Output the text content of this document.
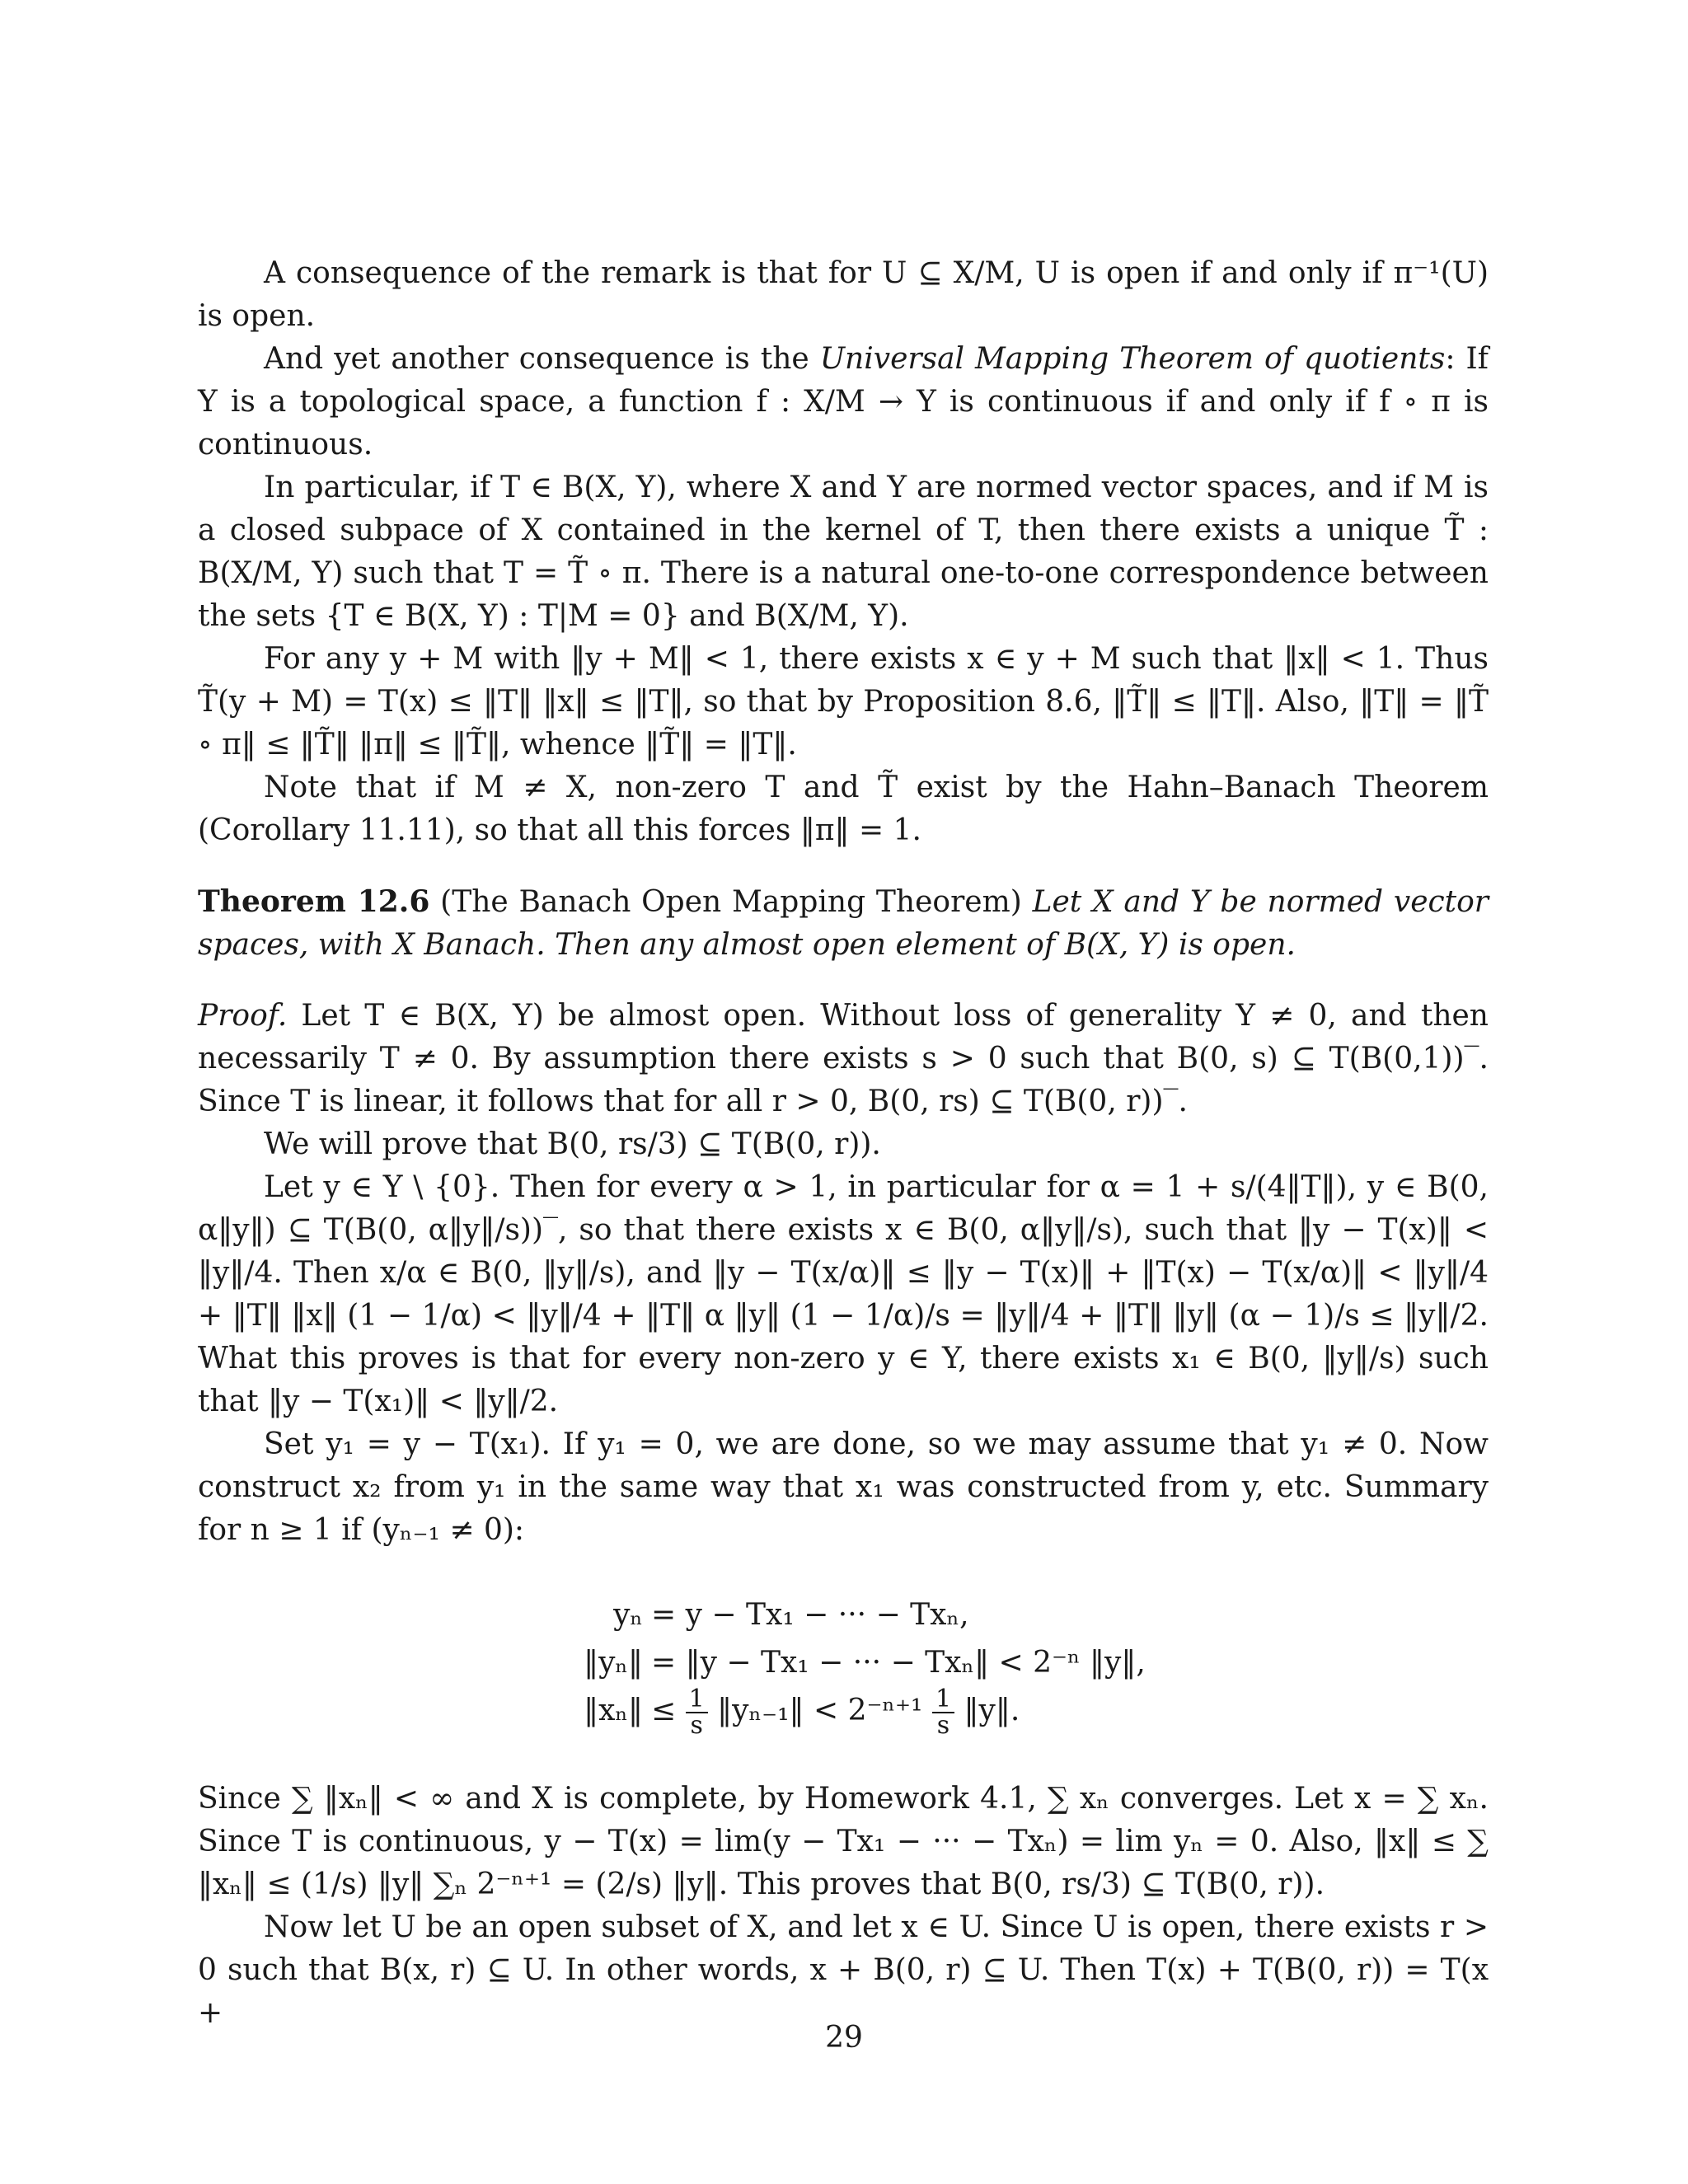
A consequence of the remark is that for U ⊆ X/M, U is open if and only if π⁻¹(U) is open.

And yet another consequence is the Universal Mapping Theorem of quotients: If Y is a topological space, a function f : X/M → Y is continuous if and only if f ∘ π is continuous.

In particular, if T ∈ B(X, Y), where X and Y are normed vector spaces, and if M is a closed subpace of X contained in the kernel of T, then there exists a unique T̃ : B(X/M, Y) such that T = T̃ ∘ π. There is a natural one-to-one correspondence between the sets {T ∈ B(X, Y) : T|M = 0} and B(X/M, Y).

For any y + M with ‖y + M‖ < 1, there exists x ∈ y + M such that ‖x‖ < 1. Thus T̃(y + M) = T(x) ≤ ‖T‖ ‖x‖ ≤ ‖T‖, so that by Proposition 8.6, ‖T̃‖ ≤ ‖T‖. Also, ‖T‖ = ‖T̃ ∘ π‖ ≤ ‖T̃‖ ‖π‖ ≤ ‖T̃‖, whence ‖T̃‖ = ‖T‖.

Note that if M ≠ X, non-zero T and T̃ exist by the Hahn–Banach Theorem (Corollary 11.11), so that all this forces ‖π‖ = 1.

Theorem 12.6 (The Banach Open Mapping Theorem) Let X and Y be normed vector spaces, with X Banach. Then any almost open element of B(X, Y) is open.

Proof. Let T ∈ B(X, Y) be almost open. Without loss of generality Y ≠ 0, and then necessarily T ≠ 0. By assumption there exists s > 0 such that B(0, s) ⊆ T(B(0,1))‾. Since T is linear, it follows that for all r > 0, B(0, rs) ⊆ T(B(0, r))‾.

We will prove that B(0, rs/3) ⊆ T(B(0, r)).

Let y ∈ Y \ {0}. Then for every α > 1, in particular for α = 1 + s/(4‖T‖), y ∈ B(0, α‖y‖) ⊆ T(B(0, α‖y‖/s))‾, so that there exists x ∈ B(0, α‖y‖/s), such that ‖y − T(x)‖ < ‖y‖/4. Then x/α ∈ B(0, ‖y‖/s), and ‖y − T(x/α)‖ ≤ ‖y − T(x)‖ + ‖T(x) − T(x/α)‖ < ‖y‖/4 + ‖T‖ ‖x‖ (1 − 1/α) < ‖y‖/4 + ‖T‖ α ‖y‖ (1 − 1/α)/s = ‖y‖/4 + ‖T‖ ‖y‖ (α − 1)/s ≤ ‖y‖/2. What this proves is that for every non-zero y ∈ Y, there exists x₁ ∈ B(0, ‖y‖/s) such that ‖y − T(x₁)‖ < ‖y‖/2.

Set y₁ = y − T(x₁). If y₁ = 0, we are done, so we may assume that y₁ ≠ 0. Now construct x₂ from y₁ in the same way that x₁ was constructed from y, etc. Summary for n ≥ 1 if (yₙ₋₁ ≠ 0):

yₙ = y − Tx₁ − ··· − Txₙ,
‖yₙ‖ = ‖y − Tx₁ − ··· − Txₙ‖ < 2⁻ⁿ ‖y‖,
‖xₙ‖ ≤ $\frac{1}{s}$ ‖yₙ₋₁‖ < $2^{-n+1} \frac{1}{s}$ ‖y‖.

Since ∑ ‖xₙ‖ < ∞ and X is complete, by Homework 4.1, ∑ xₙ converges. Let x = ∑ xₙ. Since T is continuous, y − T(x) = lim(y − Tx₁ − ··· − Txₙ) = lim yₙ = 0. Also, ‖x‖ ≤ ∑ ‖xₙ‖ ≤ (1/s) ‖y‖ ∑ₙ 2⁻ⁿ⁺¹ = (2/s) ‖y‖. This proves that B(0, rs/3) ⊆ T(B(0, r)).

Now let U be an open subset of X, and let x ∈ U. Since U is open, there exists r > 0 such that B(x, r) ⊆ U. In other words, x + B(0, r) ⊆ U. Then T(x) + T(B(0, r)) = T(x +

29
